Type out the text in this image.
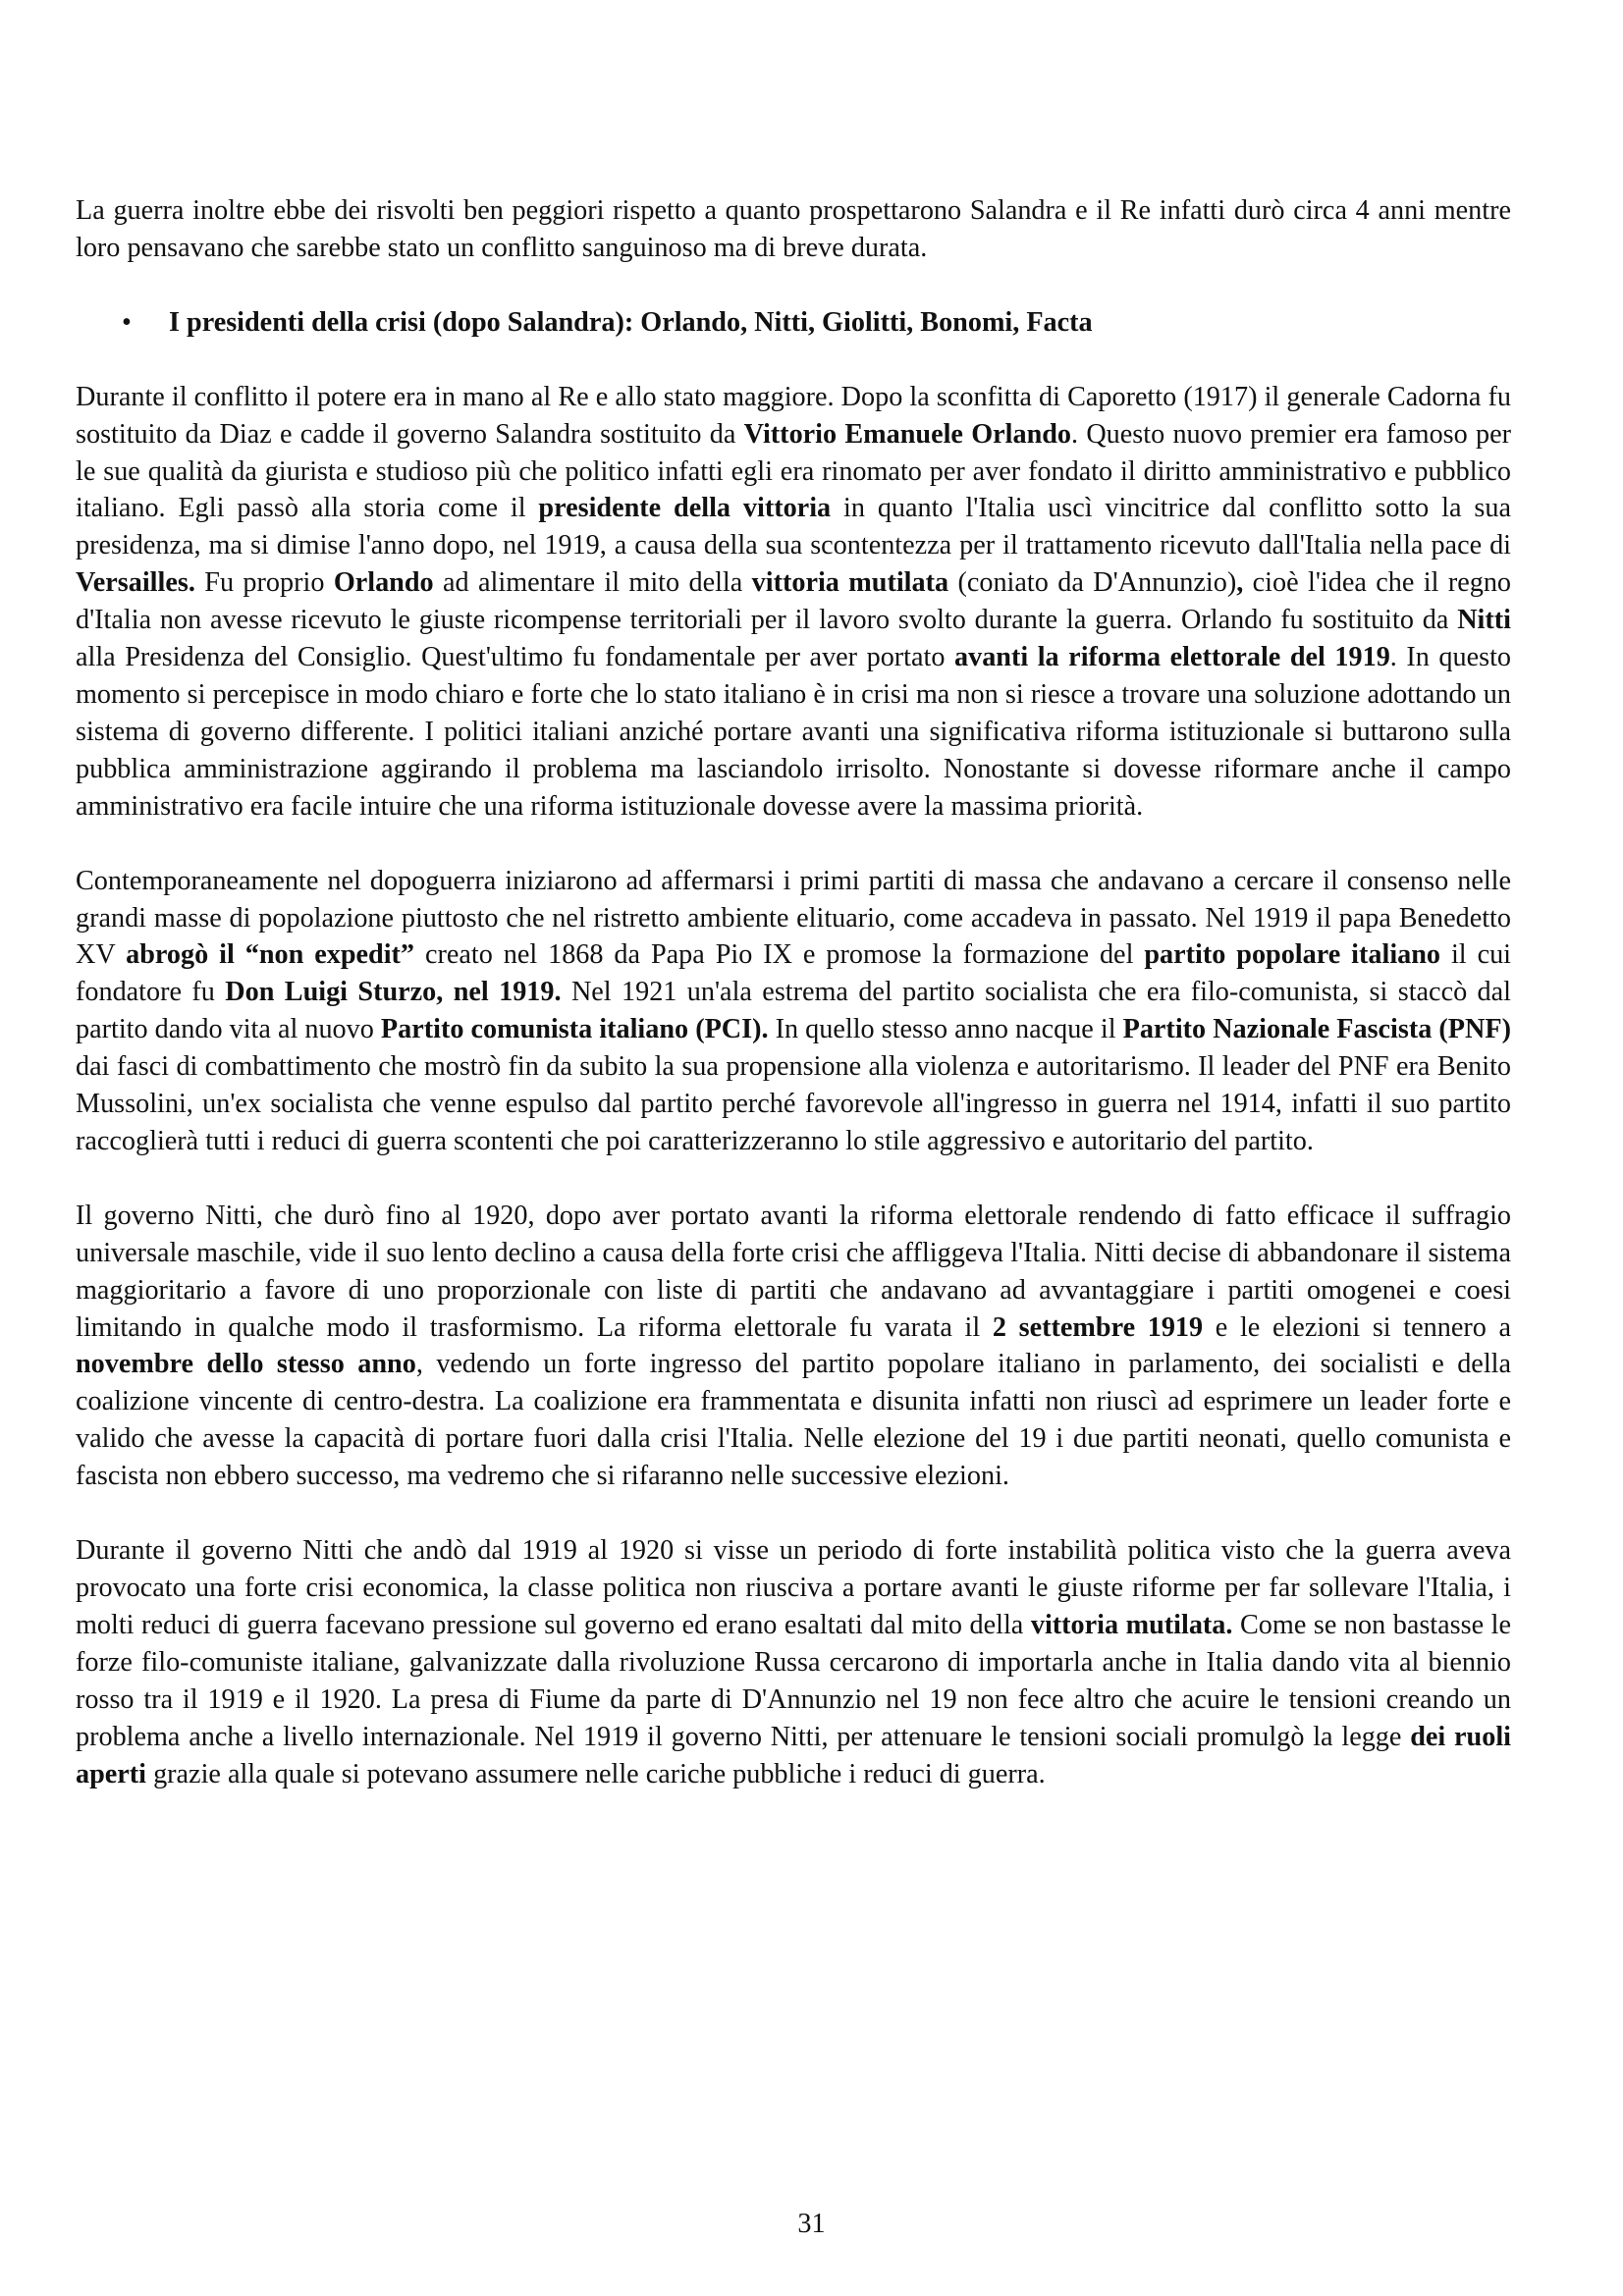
La guerra inoltre ebbe dei risvolti ben peggiori rispetto a quanto prospettarono Salandra e il Re infatti durò circa 4 anni mentre loro pensavano che sarebbe stato un conflitto sanguinoso ma di breve durata.

•	I presidenti della crisi (dopo Salandra): Orlando, Nitti, Giolitti, Bonomi, Facta

Durante il conflitto il potere era in mano al Re e allo stato maggiore. Dopo la sconfitta di Caporetto (1917) il generale Cadorna fu sostituito da Diaz e cadde il governo Salandra sostituito da Vittorio Emanuele Orlando. Questo nuovo premier era famoso per le sue qualità da giurista e studioso più che politico infatti egli era rinomato per aver fondato il diritto amministrativo e pubblico italiano. Egli passò alla storia come il presidente della vittoria in quanto l'Italia uscì vincitrice dal conflitto sotto la sua presidenza, ma si dimise l'anno dopo, nel 1919, a causa della sua scontentezza per il trattamento ricevuto dall'Italia nella pace di Versailles. Fu proprio Orlando ad alimentare il mito della vittoria mutilata (coniato da D'Annunzio), cioè l'idea che il regno d'Italia non avesse ricevuto le giuste ricompense territoriali per il lavoro svolto durante la guerra. Orlando fu sostituito da Nitti alla Presidenza del Consiglio. Quest'ultimo fu fondamentale per aver portato avanti la riforma elettorale del 1919. In questo momento si percepisce in modo chiaro e forte che lo stato italiano è in crisi ma non si riesce a trovare una soluzione adottando un sistema di governo differente. I politici italiani anziché portare avanti una significativa riforma istituzionale si buttarono sulla pubblica amministrazione aggirando il problema ma lasciandolo irrisolto. Nonostante si dovesse riformare anche il campo amministrativo era facile intuire che una riforma istituzionale dovesse avere la massima priorità.

Contemporaneamente nel dopoguerra iniziarono ad affermarsi i primi partiti di massa che andavano a cercare il consenso nelle grandi masse di popolazione piuttosto che nel ristretto ambiente elituario, come accadeva in passato. Nel 1919 il papa Benedetto XV abrogò il “non expedit” creato nel 1868 da Papa Pio IX e promose la formazione del partito popolare italiano il cui fondatore fu Don Luigi Sturzo, nel 1919. Nel 1921 un'ala estrema del partito socialista che era filo-comunista, si staccò dal partito dando vita al nuovo Partito comunista italiano (PCI). In quello stesso anno nacque il Partito Nazionale Fascista (PNF) dai fasci di combattimento che mostrò fin da subito la sua propensione alla violenza e autoritarismo. Il leader del PNF era Benito Mussolini, un'ex socialista che venne espulso dal partito perché favorevole all'ingresso in guerra nel 1914, infatti il suo partito raccoglierà tutti i reduci di guerra scontenti che poi caratterizzeranno lo stile aggressivo e autoritario del partito.

Il governo Nitti, che durò fino al 1920, dopo aver portato avanti la riforma elettorale rendendo di fatto efficace il suffragio universale maschile, vide il suo lento declino a causa della forte crisi che affliggeva l'Italia. Nitti decise di abbandonare il sistema maggioritario a favore di uno proporzionale con liste di partiti che andavano ad avvantaggiare i partiti omogenei e coesi limitando in qualche modo il trasformismo. La riforma elettorale fu varata il 2 settembre 1919 e le elezioni si tennero a novembre dello stesso anno, vedendo un forte ingresso del partito popolare italiano in parlamento, dei socialisti e della coalizione vincente di centro-destra. La coalizione era frammentata e disunita infatti non riuscì ad esprimere un leader forte e valido che avesse la capacità di portare fuori dalla crisi l'Italia. Nelle elezione del 19 i due partiti neonati, quello comunista e fascista non ebbero successo, ma vedremo che si rifaranno nelle successive elezioni.

Durante il governo Nitti che andò dal 1919 al 1920 si visse un periodo di forte instabilità politica visto che la guerra aveva provocato una forte crisi economica, la classe politica non riusciva a portare avanti le giuste riforme per far sollevare l'Italia, i molti reduci di guerra facevano pressione sul governo ed erano esaltati dal mito della vittoria mutilata. Come se non bastasse le forze filo-comuniste italiane, galvanizzate dalla rivoluzione Russa cercarono di importarla anche in Italia dando vita al biennio rosso tra il 1919 e il 1920. La presa di Fiume da parte di D'Annunzio nel 19 non fece altro che acuire le tensioni creando un problema anche a livello internazionale. Nel 1919 il governo Nitti, per attenuare le tensioni sociali promulgò la legge dei ruoli aperti grazie alla quale si potevano assumere nelle cariche pubbliche i reduci di guerra.

31
